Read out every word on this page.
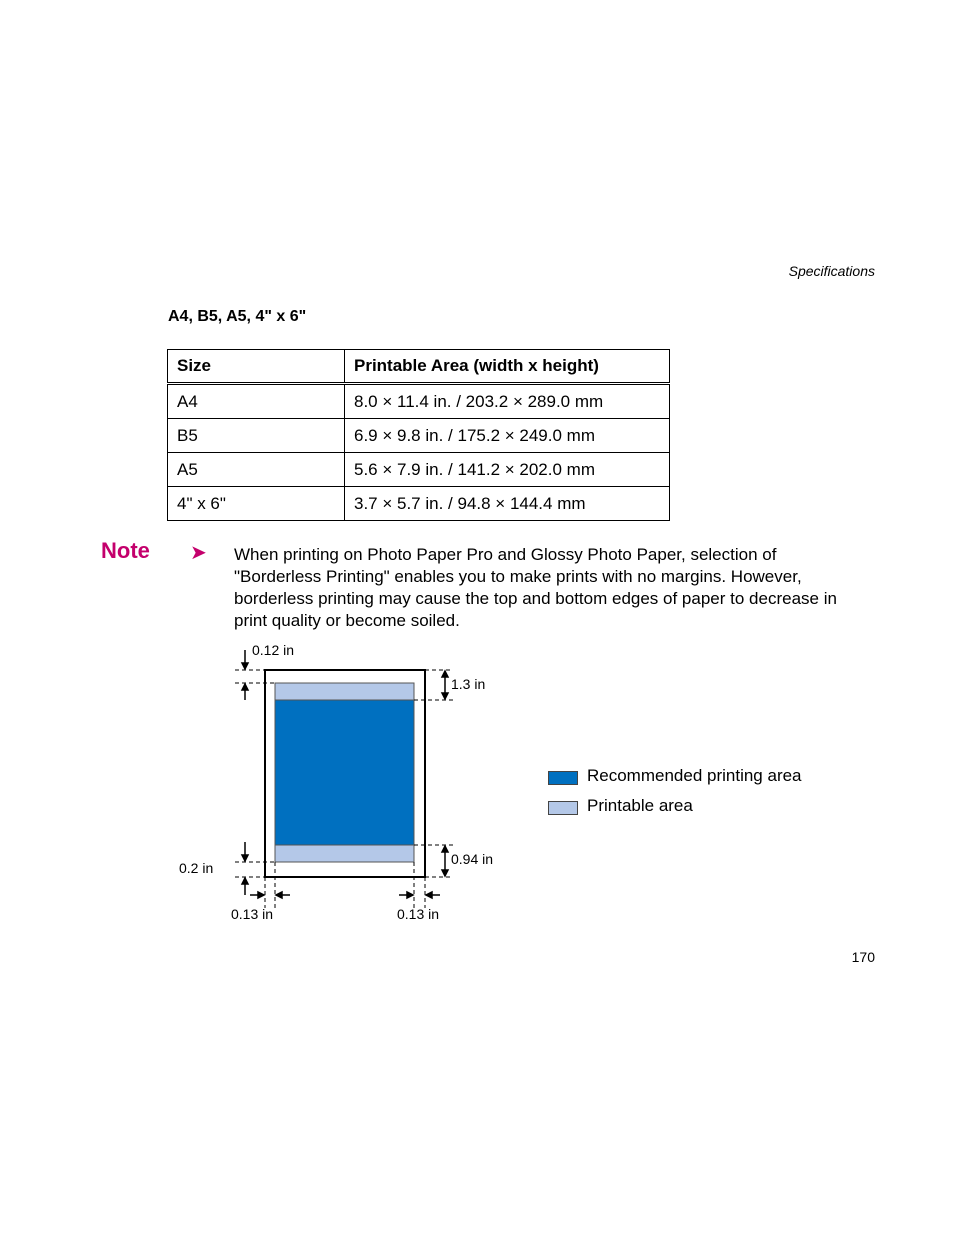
Specifications
A4, B5, A5, 4" x 6"
Size	Printable Area (width x height)
A4	8.0 × 11.4 in. / 203.2 × 289.0 mm
B5	6.9 × 9.8 in. / 175.2 × 249.0 mm
A5	5.6 × 7.9 in. / 141.2 × 202.0 mm
4" x 6"	3.7 × 5.7 in. / 94.8 × 144.4 mm
Note ➤ When printing on Photo Paper Pro and Glossy Photo Paper, selection of "Borderless Printing" enables you to make prints with no margins. However, borderless printing may cause the top and bottom edges of paper to decrease in print quality or become soiled.
0.12 in
1.3 in
0.94 in
0.2 in
0.13 in	0.13 in
Recommended printing area
Printable area
170
